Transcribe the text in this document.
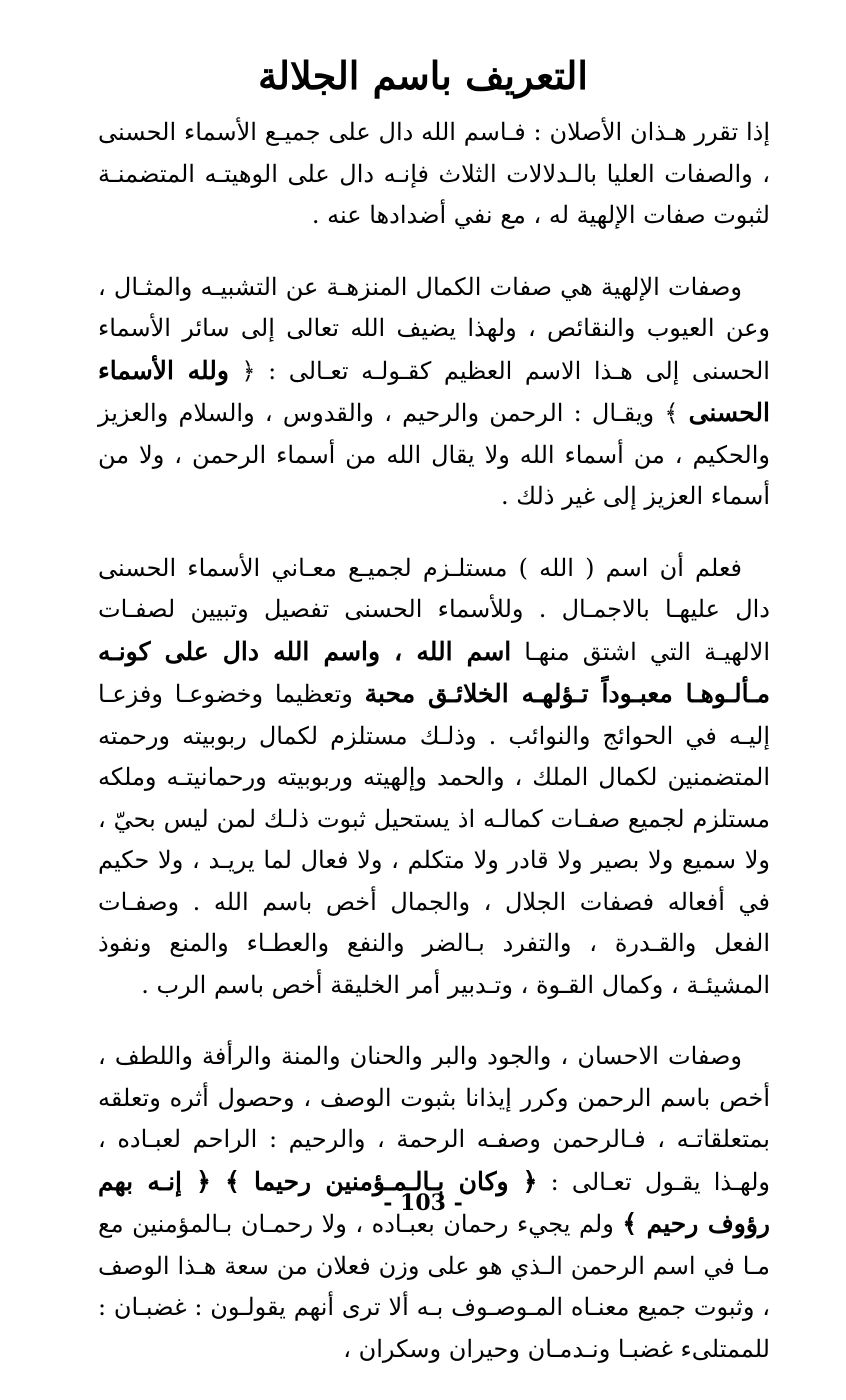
التعريف باسم الجلالة

إذا تقرر هـذان الأصلان : فـاسم الله دال على جميـع الأسماء الحسنى ، والصفات العليا بالـدلالات الثلاث فإنـه دال على الوهيتـه المتضمنـة لثبوت صفات الإلهية له ، مع نفي أضدادها عنه .

وصفات الإلهية هي صفات الكمال المنزهـة عن التشبيـه والمثـال ، وعن العيوب والنقائص ، ولهذا يضيف الله تعالى إلى سائر الأسماء الحسنى إلى هـذا الاسم العظيم كقـولـه تعـالى : ﴿ ولله الأسماء الحسنى ﴾ ويقـال : الرحمن والرحيم ، والقدوس ، والسلام والعزيز والحكيم ، من أسماء الله ولا يقال الله من أسماء الرحمن ، ولا من أسماء العزيز إلى غير ذلك .

فعلم أن اسم ( الله ) مستلـزم لجميـع معـاني الأسماء الحسنى دال عليهـا بالاجمـال . وللأسماء الحسنى تفصيل وتبيين لصفـات الالهيـة التي اشتق منهـا اسم الله ، واسم الله دال على كونـه مـألـوهـا معبـوداً تـؤلهـه الخلائـق محبة وتعظيما وخضوعـا وفزعـا إليـه في الحوائج والنوائب . وذلـك مستلزم لكمال ربوبيته ورحمته المتضمنين لكمال الملك ، والحمد وإلهيته وربوبيته ورحمانيتـه وملكه مستلزم لجميع صفـات كمالـه اذ يستحيل ثبوت ذلـك لمن ليس بحيّ ، ولا سميع ولا بصير ولا قادر ولا متكلم ، ولا فعال لما يريـد ، ولا حكيم في أفعاله فصفات الجلال ، والجمال أخص باسم الله . وصفـات الفعل والقـدرة ، والتفرد بـالضر والنفع والعطـاء والمنع ونفوذ المشيئـة ، وكمال القـوة ، وتـدبير أمر الخليقة أخص باسم الرب .

وصفات الاحسان ، والجود والبر والحنان والمنة والرأفة واللطف ، أخص باسم الرحمن وكرر إيذانا بثبوت الوصف ، وحصول أثره وتعلقه بمتعلقاتـه ، فـالرحمن وصفـه الرحمة ، والرحيم : الراحم لعبـاده ، ولهـذا يقـول تعـالى : ﴿ وكان بـالـمـؤمنين رحيما ﴾ ﴿ إنـه بهم رؤوف رحيم ﴾ ولم يجيء رحمان بعبـاده ، ولا رحمـان بـالمؤمنين مع مـا في اسم الرحمن الـذي هو على وزن فعلان من سعة هـذا الوصف ، وثبوت جميع معنـاه المـوصـوف بـه ألا ترى أنهم يقولـون : غضبـان : للممتلىء غضبـا ونـدمـان وحيران وسكران ،

- 103 -
